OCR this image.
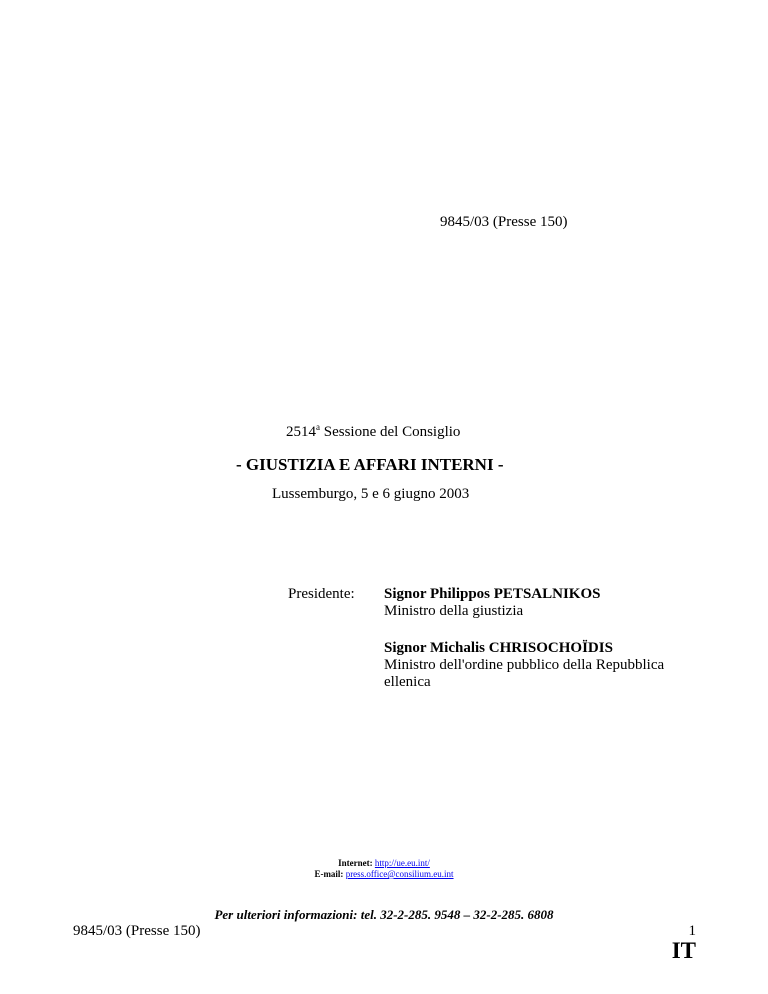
9845/03 (Presse 150)
2514$^a$ Sessione del Consiglio
- GIUSTIZIA E AFFARI INTERNI -
Lussemburgo, 5 e 6 giugno 2003
Presidente: Signor Philippos PETSALNIKOS
Ministro della giustizia
Signor Michalis CHRISOCHOÏDIS
Ministro dell'ordine pubblico della Repubblica
ellenica
Internet: http://ue.eu.int/
E-mail: press.office@consilium.eu.int
Per ulteriori informazioni: tel. 32-2-285. 9548 – 32-2-285. 6808
9845/03 (Presse 150)	1
IT
